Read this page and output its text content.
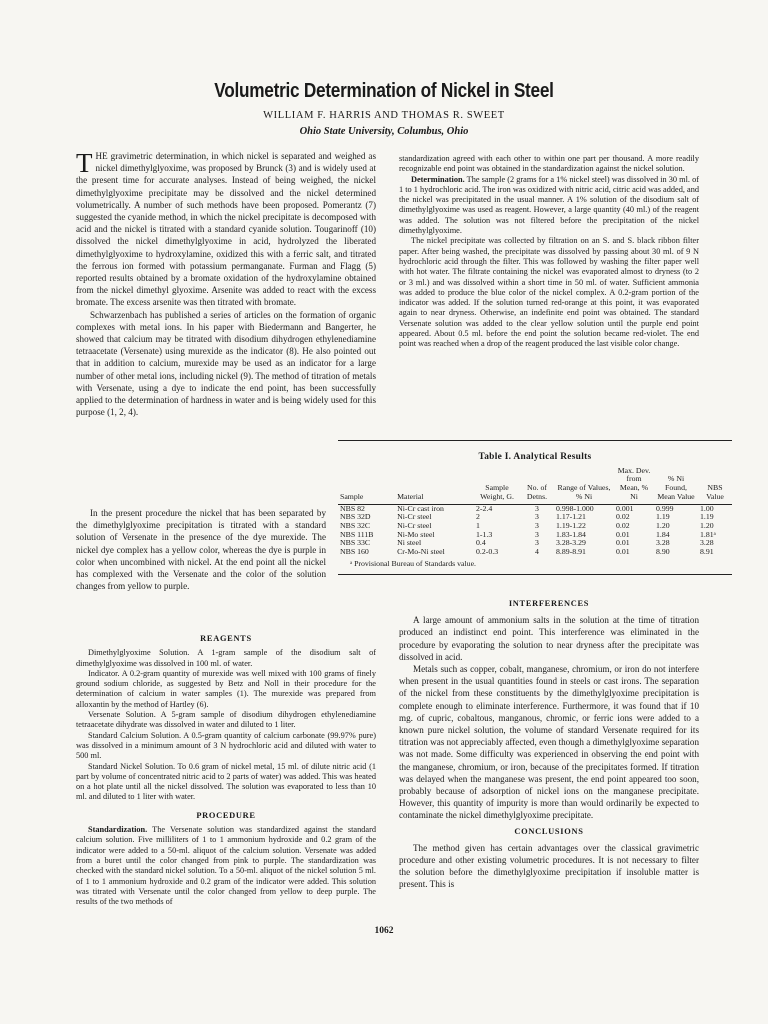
Volumetric Determination of Nickel in Steel
WILLIAM F. HARRIS AND THOMAS R. SWEET
Ohio State University, Columbus, Ohio

THE gravimetric determination, in which nickel is separated and weighed as nickel dimethylglyoxime, was proposed by Brunck (3) and is widely used at the present time for accurate analyses. Instead of being weighed, the nickel dimethylglyoxime precipitate may be dissolved and the nickel determined volumetrically. A number of such methods have been proposed. Pomerantz (7) suggested the cyanide method, in which the nickel precipitate is decomposed with acid and the nickel is titrated with a standard cyanide solution. Tougarinoff (10) dissolved the nickel dimethylglyoxime in acid, hydrolyzed the liberated dimethylglyoxime to hydroxylamine, oxidized this with a ferric salt, and titrated the ferrous ion formed with potassium permanganate. Furman and Flagg (5) reported results obtained by a bromate oxidation of the hydroxylamine obtained from the nickel dimethyl glyoxime. Arsenite was added to react with the excess bromate. The excess arsenite was then titrated with bromate.

Schwarzenbach has published a series of articles on the formation of organic complexes with metal ions. In his paper with Biedermann and Bangerter, he showed that calcium may be titrated with disodium dihydrogen ethylenediamine tetraacetate (Versenate) using murexide as the indicator (8). He also pointed out that in addition to calcium, murexide may be used as an indicator for a large number of other metal ions, including nickel (9). The method of titration of metals with Versenate, using a dye to indicate the end point, has been successfully applied to the determination of hardness in water and is being widely used for this purpose (1, 2, 4).

In the present procedure the nickel that has been separated by the dimethylglyoxime precipitation is titrated with a standard solution of Versenate in the presence of the dye murexide. The nickel dye complex has a yellow color, whereas the dye is purple in color when uncombined with nickel. At the end point all the nickel has complexed with the Versenate and the color of the solution changes from yellow to purple.

REAGENTS

Dimethylglyoxime Solution. A 1-gram sample of the disodium salt of dimethylglyoxime was dissolved in 100 ml. of water.

Indicator. A 0.2-gram quantity of murexide was well mixed with 100 grams of finely ground sodium chloride, as suggested by Betz and Noll in their procedure for the determination of calcium in water samples (1). The murexide was prepared from alloxantin by the method of Hartley (6).

Versenate Solution. A 5-gram sample of disodium dihydrogen ethylenediamine tetraacetate dihydrate was dissolved in water and diluted to 1 liter.

Standard Calcium Solution. A 0.5-gram quantity of calcium carbonate (99.97% pure) was dissolved in a minimum amount of 3 N hydrochloric acid and diluted with water to 500 ml.

Standard Nickel Solution. To 0.6 gram of nickel metal, 15 ml. of dilute nitric acid (1 part by volume of concentrated nitric acid to 2 parts of water) was added. This was heated on a hot plate until all the nickel dissolved. The solution was evaporated to less than 10 ml. and diluted to 1 liter with water.

PROCEDURE

Standardization. The Versenate solution was standardized against the standard calcium solution. Five milliliters of 1 to 1 ammonium hydroxide and 0.2 gram of the indicator were added to a 50-ml. aliquot of the calcium solution. Versenate was added from a buret until the color changed from pink to purple. The standardization was checked with the standard nickel solution. To a 50-ml. aliquot of the nickel solution 5 ml. of 1 to 1 ammonium hydroxide and 0.2 gram of the indicator were added. This solution was titrated with Versenate until the color changed from yellow to deep purple. The results of the two methods of

standardization agreed with each other to within one part per thousand. A more readily recognizable end point was obtained in the standardization against the nickel solution.

Determination. The sample (2 grams for a 1% nickel steel) was dissolved in 30 ml. of 1 to 1 hydrochloric acid. The iron was oxidized with nitric acid, citric acid was added, and the nickel was precipitated in the usual manner. A 1% solution of the disodium salt of dimethylglyoxime was used as reagent. However, a large quantity (40 ml.) of the reagent was added. The solution was not filtered before the precipitation of the nickel dimethylglyoxime.

The nickel precipitate was collected by filtration on an S. and S. black ribbon filter paper. After being washed, the precipitate was dissolved by passing about 30 ml. of 9 N hydrochloric acid through the filter. This was followed by washing the filter paper well with hot water. The filtrate containing the nickel was evaporated almost to dryness (to 2 or 3 ml.) and was dissolved within a short time in 50 ml. of water. Sufficient ammonia was added to produce the blue color of the nickel complex. A 0.2-gram portion of the indicator was added. If the solution turned red-orange at this point, it was evaporated again to near dryness. Otherwise, an indefinite end point was obtained. The standard Versenate solution was added to the clear yellow solution until the purple end point appeared. About 0.5 ml. before the end point the solution became red-violet. The end point was reached when a drop of the reagent produced the last visible color change.

Table I. Analytical Results
Sample	Material	Sample Weight, G.	No. of Detns.	Range of Values, % Ni	Max. Dev. from Mean, % Ni	% Ni Found, Mean Value	NBS Value
NBS 82	Ni-Cr cast iron	2-2.4	3	0.998-1.000	0.001	0.999	1.00
NBS 32D	Ni-Cr steel	2	3	1.17-1.21	0.02	1.19	1.19
NBS 32C	Ni-Cr steel	1	3	1.19-1.22	0.02	1.20	1.20
NBS 111B	Ni-Mo steel	1-1.3	3	1.83-1.84	0.01	1.84	1.81ᵃ
NBS 33C	Ni steel	0.4	3	3.28-3.29	0.01	3.28	3.28
NBS 160	Cr-Mo-Ni steel	0.2-0.3	4	8.89-8.91	0.01	8.90	8.91
ᵃ Provisional Bureau of Standards value.
INTERFERENCES

A large amount of ammonium salts in the solution at the time of titration produced an indistinct end point. This interference was eliminated in the procedure by evaporating the solution to near dryness after the precipitate was dissolved in acid.

Metals such as copper, cobalt, manganese, chromium, or iron do not interfere when present in the usual quantities found in steels or cast irons. The separation of the nickel from these constituents by the dimethylglyoxime precipitation is complete enough to eliminate interference. Furthermore, it was found that if 10 mg. of cupric, cobaltous, manganous, chromic, or ferric ions were added to a known pure nickel solution, the volume of standard Versenate required for its titration was not appreciably affected, even though a dimethylglyoxime separation was not made. Some difficulty was experienced in observing the end point with the manganese, chromium, or iron, because of the precipitates formed. If titration was delayed when the manganese was present, the end point appeared too soon, probably because of adsorption of nickel ions on the manganese precipitate. However, this quantity of impurity is more than would ordinarily be expected to contaminate the nickel dimethylglyoxime precipitate.

CONCLUSIONS

The method given has certain advantages over the classical gravimetric procedure and other existing volumetric procedures. It is not necessary to filter the solution before the dimethylglyoxime precipitation if insoluble matter is present. This is

1062
